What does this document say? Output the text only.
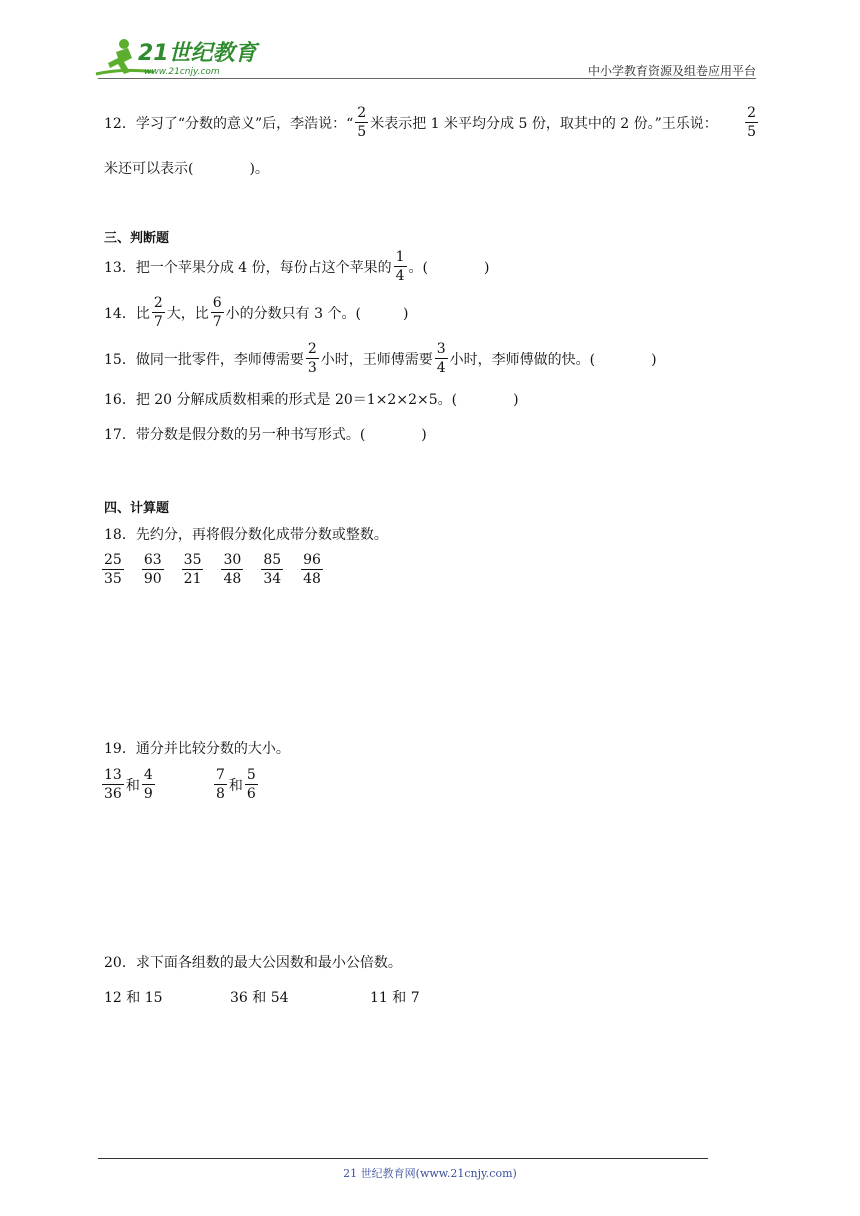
21世纪教育
www.21cnjy.com	中小学教育资源及组卷应用平台
12．学习了“分数的意义”后，李浩说：“ $\frac{2}{5}$ 米表示把 1 米平均分成 5 份，取其中的 2 份。”王乐说：	$\frac{2}{5}$
米还可以表示(　　　　)。
三、判断题
13．把一个苹果分成 4 份，每份占这个苹果的 $\frac{1}{4}$ 。(　　　　)
14．比 $\frac{2}{7}$ 大，比 $\frac{6}{7}$ 小的分数只有 3 个。(　　　)
15．做同一批零件，李师傅需要 $\frac{2}{3}$ 小时，王师傅需要 $\frac{3}{4}$ 小时，李师傅做的快。(　　　　)
16．把 20 分解成质数相乘的形式是 20＝1×2×2×5。(　　　　)
17．带分数是假分数的另一种书写形式。(　　　　)
四、计算题
18．先约分，再将假分数化成带分数或整数。
$\frac{25}{35} \frac{63}{90} \frac{35}{21} \frac{30}{48} \frac{85}{34} \frac{96}{48}$
19．通分并比较分数的大小。
$\frac{13}{36}$ 和 $\frac{4}{9}$	$\frac{7}{8}$ 和 $\frac{5}{6}$
20．求下面各组数的最大公因数和最小公倍数。
12 和 15	36 和 54	11 和 7
21 世纪教育网(www.21cnjy.com)
